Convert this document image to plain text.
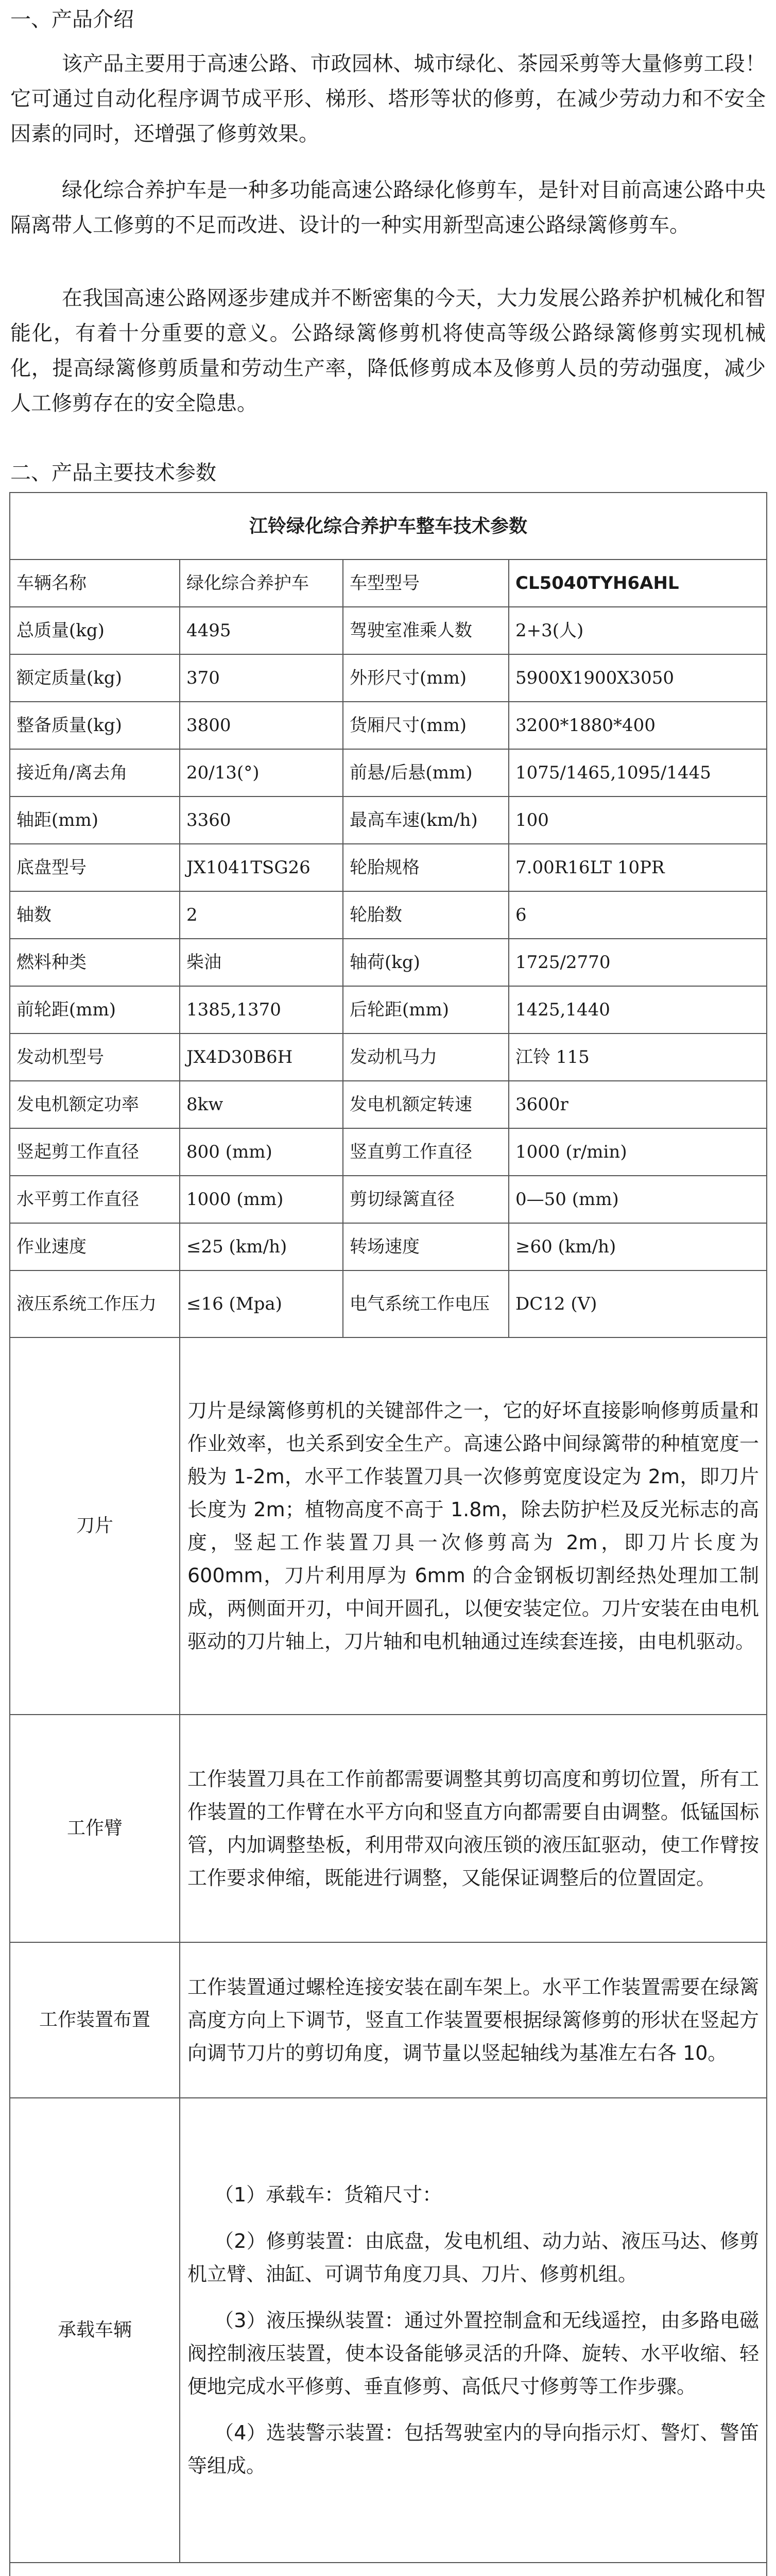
一、产品介绍

该产品主要用于高速公路、市政园林、城市绿化、茶园采剪等大量修剪工段！它可通过自动化程序调节成平形、梯形、塔形等状的修剪，在减少劳动力和不安全因素的同时，还增强了修剪效果。

绿化综合养护车是一种多功能高速公路绿化修剪车，是针对目前高速公路中央隔离带人工修剪的不足而改进、设计的一种实用新型高速公路绿篱修剪车。

在我国高速公路网逐步建成并不断密集的今天，大力发展公路养护机械化和智能化，有着十分重要的意义。公路绿篱修剪机将使高等级公路绿篱修剪实现机械化，提高绿篱修剪质量和劳动生产率，降低修剪成本及修剪人员的劳动强度，减少人工修剪存在的安全隐患。

二、产品主要技术参数
江铃绿化综合养护车整车技术参数			
车辆名称	绿化综合养护车	车型型号	CL5040TYH6AHL
总质量(kg)	4495	驾驶室准乘人数	2+3(人)
额定质量(kg)	370	外形尺寸(mm)	5900X1900X3050
整备质量(kg)	3800	货厢尺寸(mm)	3200*1880*400
接近角/离去角	20/13(°)	前悬/后悬(mm)	1075/1465,1095/1445
轴距(mm)	3360	最高车速(km/h)	100
底盘型号	JX1041TSG26	轮胎规格	7.00R16LT 10PR
轴数	2	轮胎数	6
燃料种类	柴油	轴荷(kg)	1725/2770
前轮距(mm)	1385,1370	后轮距(mm)	1425,1440
发动机型号	JX4D30B6H	发动机马力	江铃 115
发电机额定功率	8kw	发电机额定转速	3600r
竖起剪工作直径	800 (mm)	竖直剪工作直径	1000 (r/min)
水平剪工作直径	1000 (mm)	剪切绿篱直径	0—50 (mm)
作业速度	≤25 (km/h)	转场速度	≥60 (km/h)
液压系统工作压力	≤16 (Mpa)	电气系统工作电压	DC12 (V)
刀片	刀片是绿篱修剪机的关键部件之一，它的好坏直接影响修剪质量和作业效率，也关系到安全生产。高速公路中间绿篱带的种植宽度一般为 1-2m，水平工作装置刀具一次修剪宽度设定为 2m，即刀片长度为 2m；植物高度不高于 1.8m，除去防护栏及反光标志的高度，竖起工作装置刀具一次修剪高为 2m，即刀片长度为 600mm，刀片利用厚为 6mm 的合金钢板切割经热处理加工制成，两侧面开刃，中间开圆孔，以便安装定位。刀片安装在由电机驱动的刀片轴上，刀片轴和电机轴通过连续套连接，由电机驱动。		
工作臂	工作装置刀具在工作前都需要调整其剪切高度和剪切位置，所有工作装置的工作臂在水平方向和竖直方向都需要自由调整。低锰国标管，内加调整垫板，利用带双向液压锁的液压缸驱动，使工作臂按工作要求伸缩，既能进行调整，又能保证调整后的位置固定。		
工作装置布置	工作装置通过螺栓连接安装在副车架上。水平工作装置需要在绿篱高度方向上下调节，竖直工作装置要根据绿篱修剪的形状在竖起方向调节刀片的剪切角度，调节量以竖起轴线为基准左右各 10。		
承载车辆	（1）承载车：货箱尺寸：

（2）修剪装置：由底盘，发电机组、动力站、液压马达、修剪机立臂、油缸、可调节角度刀具、刀片、修剪机组。

（3）液压操纵装置：通过外置控制盒和无线遥控，由多路电磁阀控制液压装置，使本设备能够灵活的升降、旋转、水平收缩、轻便地完成水平修剪、垂直修剪、高低尺寸修剪等工作步骤。

（4）选装警示装置：包括驾驶室内的导向指示灯、警灯、警笛等组成。		
